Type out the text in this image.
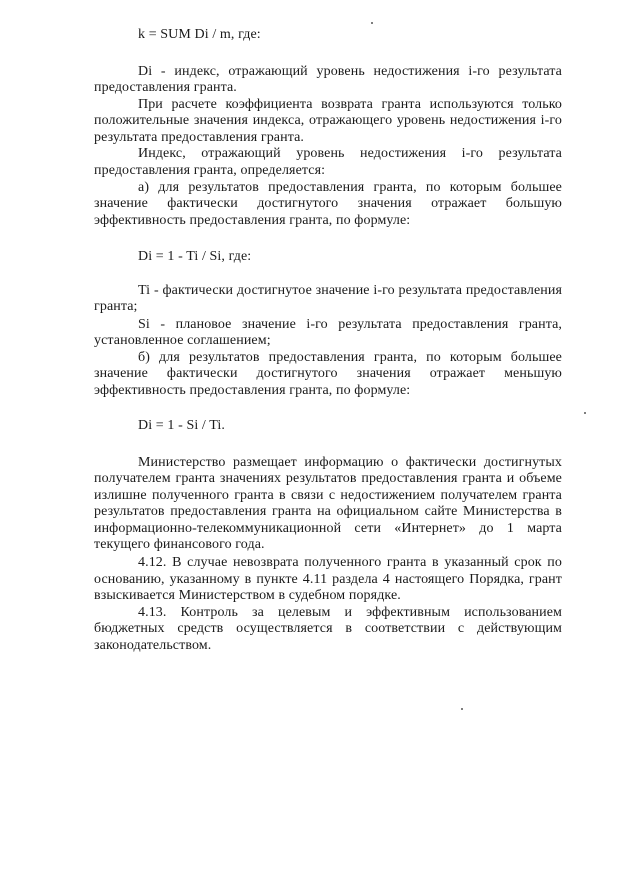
k = SUM Di / m, где:
Di - индекс, отражающий уровень недостижения i-го результата
предоставления гранта.
При расчете коэффициента возврата гранта используются только
положительные значения индекса, отражающего уровень недостижения i-го
результата предоставления гранта.
Индекс, отражающий уровень недостижения i-го результата
предоставления гранта, определяется:
а) для результатов предоставления гранта, по которым большее
значение фактически достигнутого значения отражает большую
эффективность предоставления гранта, по формуле:
Di = 1 - Ti / Si, где:
Ti - фактически достигнутое значение i-го результата предоставления
гранта;
Si - плановое значение i-го результата предоставления гранта,
установленное соглашением;
б) для результатов предоставления гранта, по которым большее
значение фактически достигнутого значения отражает меньшую
эффективность предоставления гранта, по формуле:
Di = 1 - Si / Ti.
Министерство размещает информацию о фактически достигнутых
получателем гранта значениях результатов предоставления гранта и объеме
излишне полученного гранта в связи с недостижением получателем гранта
результатов предоставления гранта на официальном сайте Министерства в
информационно-телекоммуникационной сети «Интернет» до 1 марта
текущего финансового года.
4.12. В случае невозврата полученного гранта в указанный срок по
основанию, указанному в пункте 4.11 раздела 4 настоящего Порядка, грант
взыскивается Министерством в судебном порядке.
4.13. Контроль за целевым и эффективным использованием
бюджетных средств осуществляется в соответствии с действующим
законодательством.
